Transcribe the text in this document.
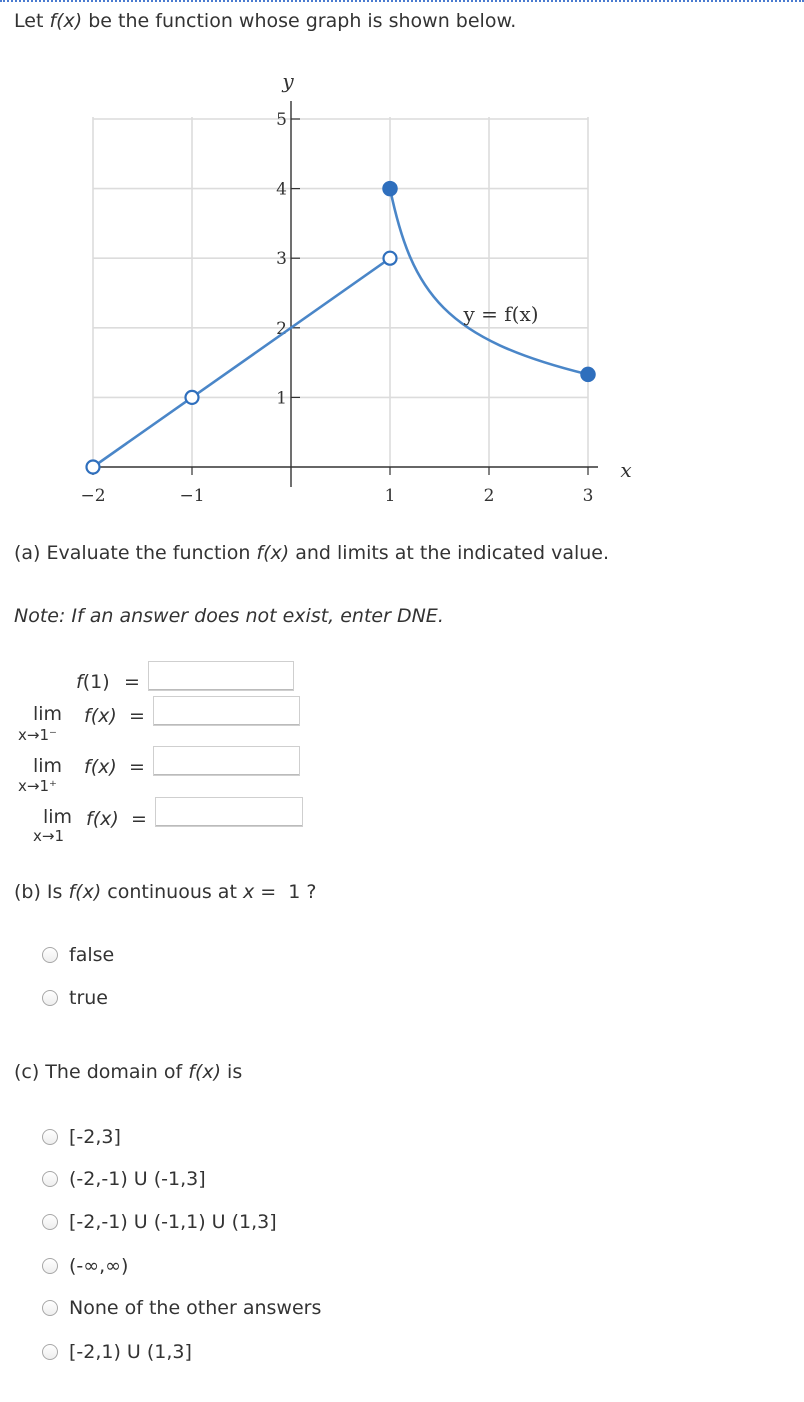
Let f(x) be the function whose graph is shown below.
−2	−1	1	2	3
1
2
3
4
5
x
y
y = f(x)
(a) Evaluate the function f(x) and limits at the indicated value.
Note: If an answer does not exist, enter DNE.
f(1) =
lim
x→1⁻
f(x) =
lim
x→1⁺
f(x) =
lim
x→1
f(x) =
(b) Is f(x) continuous at x = 1 ?
false
true
(c) The domain of f(x) is
[-2,3]
(-2,-1) U (-1,3]
[-2,-1) U (-1,1) U (1,3]
(-∞,∞)
None of the other answers
[-2,1) U (1,3]
